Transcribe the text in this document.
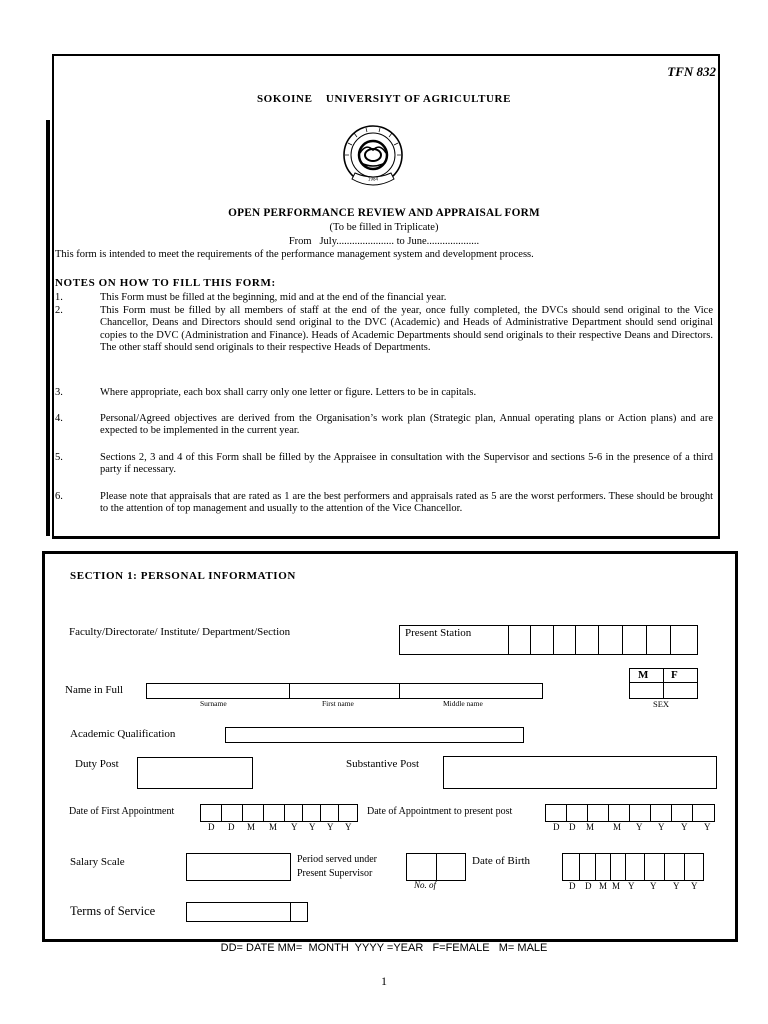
TFN 832
SOKOINE    UNIVERSIYT OF AGRICULTURE
1984
OPEN PERFORMANCE REVIEW AND APPRAISAL FORM
(To be filled in Triplicate)
From   July...................... to June....................
This form is intended to meet the requirements of the performance management system and development process.
NOTES ON HOW TO FILL THIS FORM:
1.	This Form must be filled at the beginning, mid and at the end of the financial year.
2.	This Form must be filled by all members of staff at the end of the year, once fully completed, the DVCs should send original to the Vice Chancellor, Deans and Directors should send original to the DVC (Academic) and Heads of Administrative Department should send original copies to the DVC (Administration and Finance). Heads of Academic Departments should send originals to their respective Deans and Directors. The other staff should send originals to their respective Heads of Departments.
3.	Where appropriate, each box shall carry only one letter or figure. Letters to be in capitals.
4.	Personal/Agreed objectives are derived from the Organisation’s work plan (Strategic plan, Annual operating plans or Action plans) and are expected to be implemented in the current year.
5.	Sections 2, 3 and 4 of this Form shall be filled by the Appraisee in consultation with the Supervisor and sections 5-6 in the presence of a third party if necessary.
6.	Please note that appraisals that are rated as 1 are the best performers and appraisals rated as 5 are the worst performers. These should be brought to the attention of top management and usually to the attention of the Vice Chancellor.
SECTION 1: PERSONAL INFORMATION
Faculty/Directorate/ Institute/ Department/Section	Present Station
M F
SEX
Name in Full
Surname	First name	Middle name
Academic Qualification
Duty Post	Substantive Post
Date of First Appointment
D D M M Y Y Y Y
Date of Appointment to present post
D D M M Y Y Y Y
Salary Scale	Period served under
Present Supervisor
No. of
Date of Birth
D D M M Y Y Y Y
Terms of Service
DD= DATE MM=  MONTH  YYYY =YEAR   F=FEMALE   M= MALE
1
